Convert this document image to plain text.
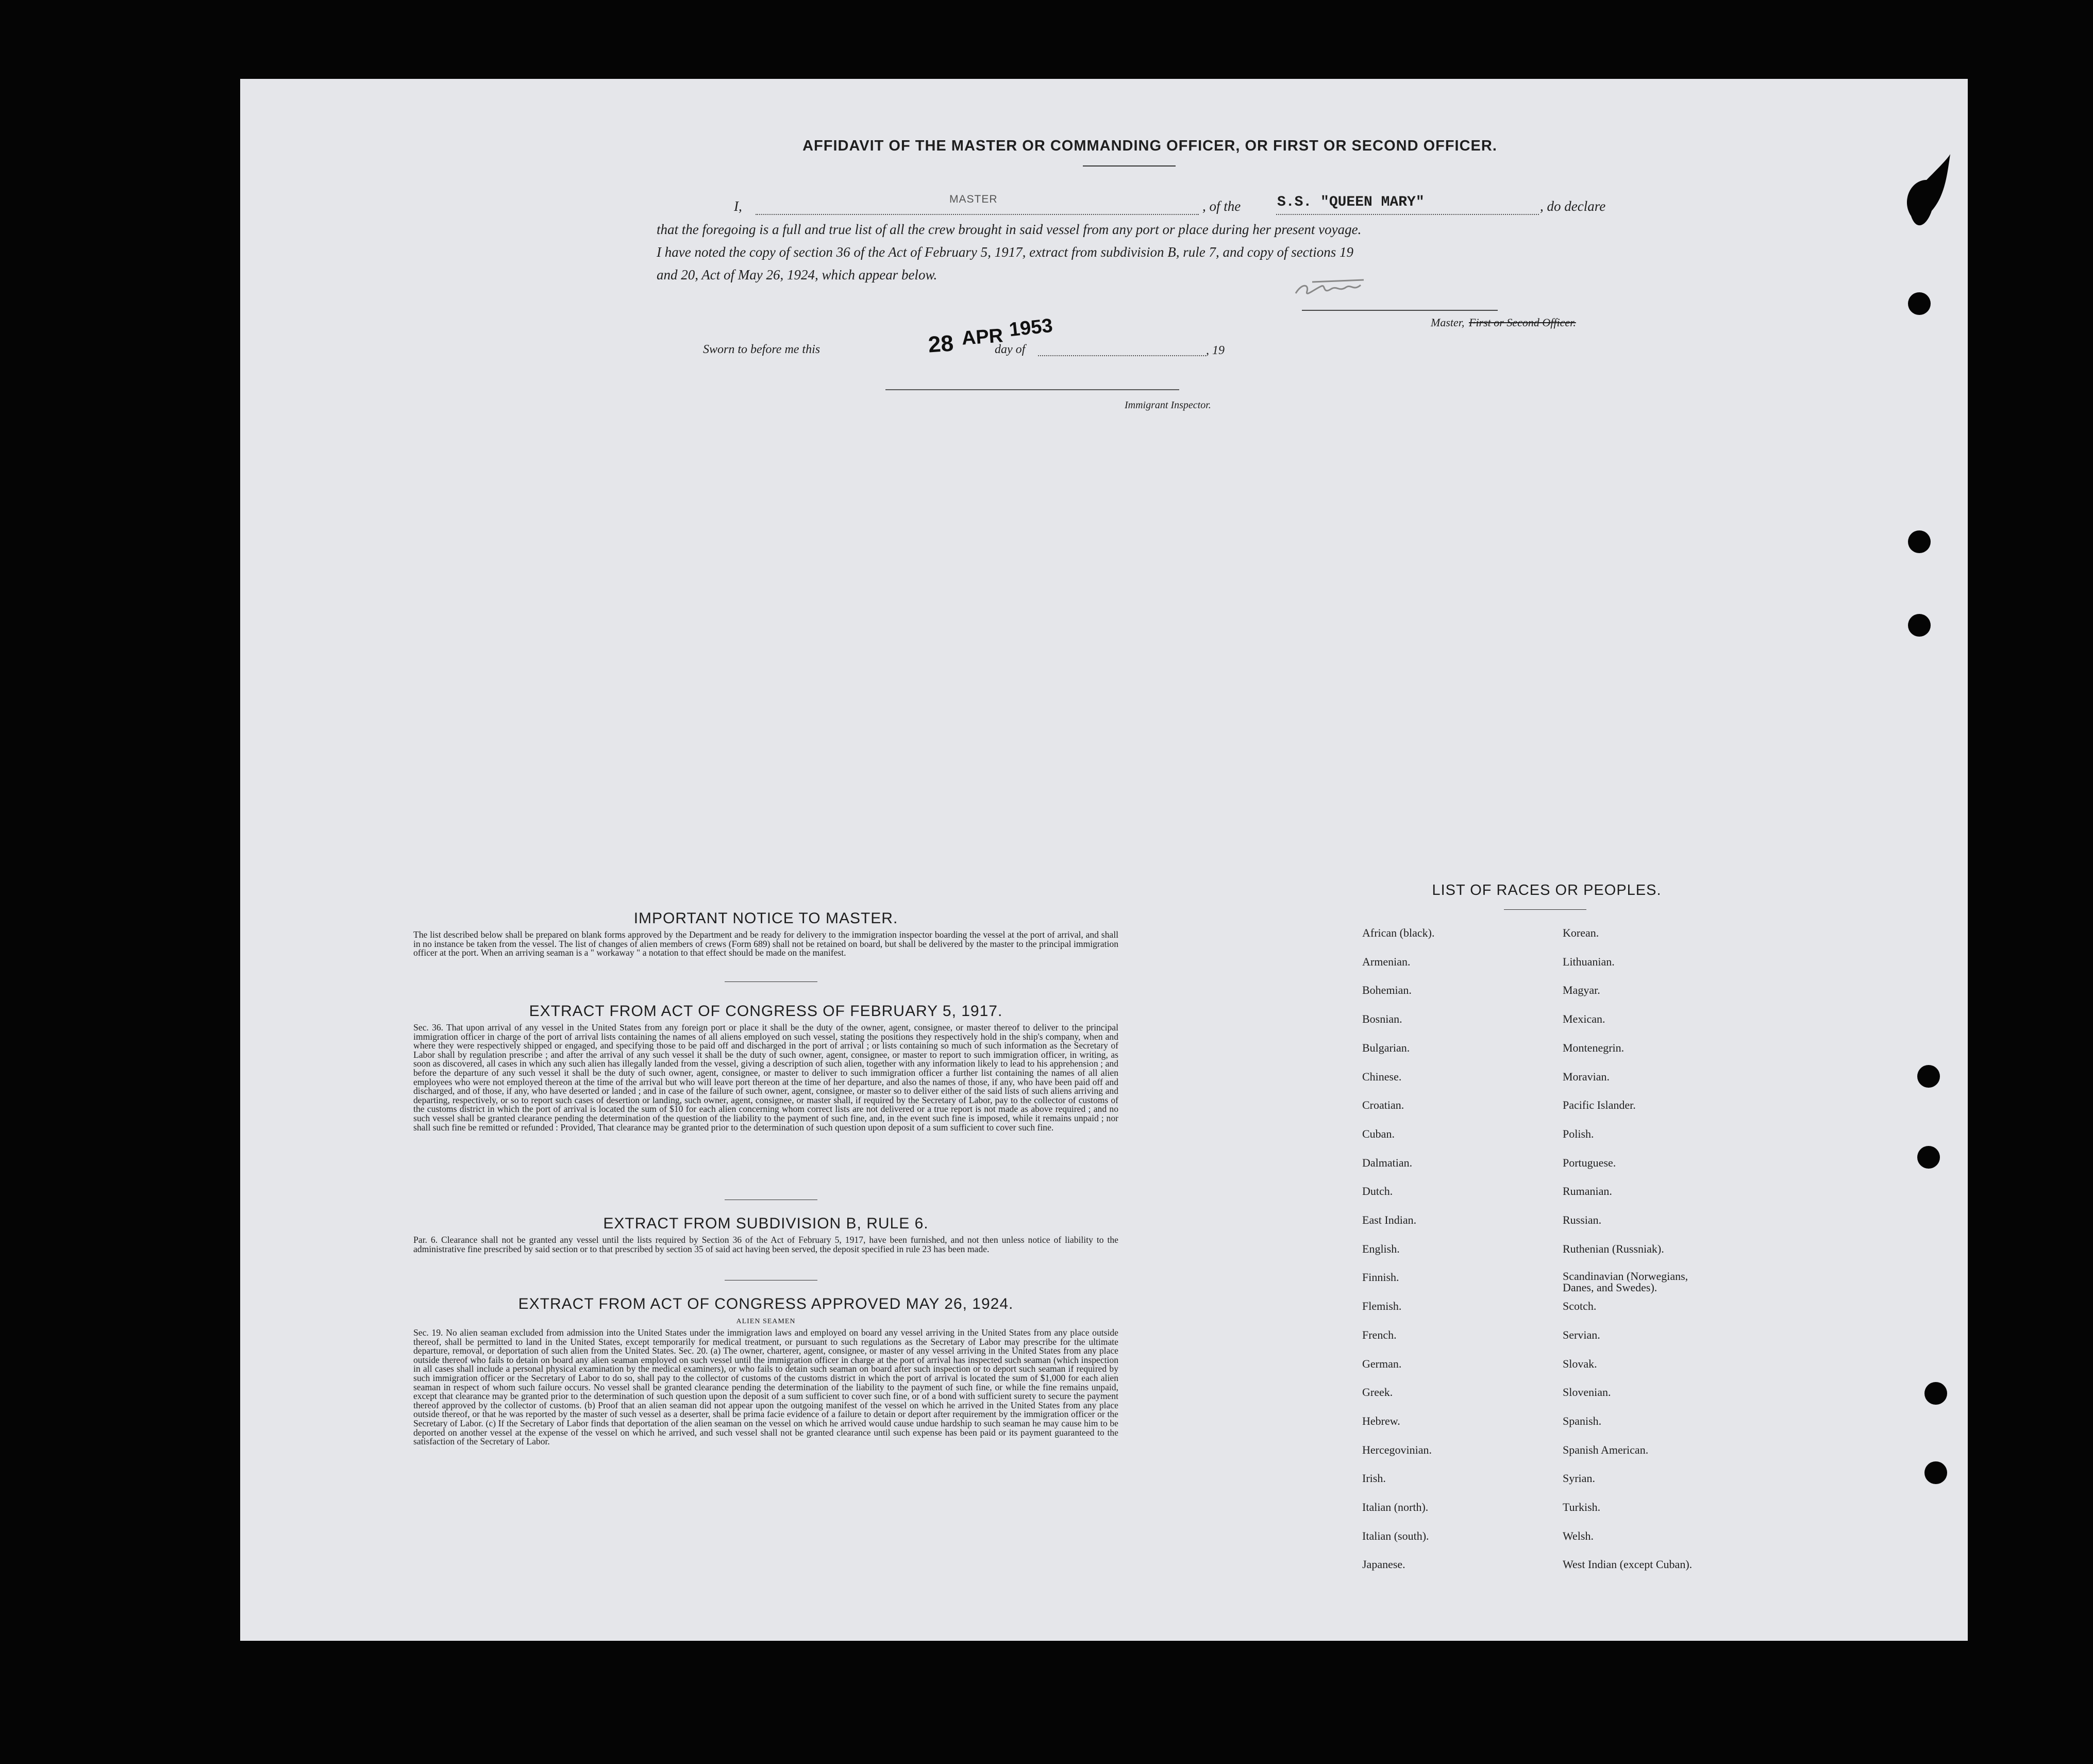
AFFIDAVIT OF THE MASTER OR COMMANDING OFFICER, OR FIRST OR SECOND OFFICER.
I,	MASTER	, of the	S.S. "QUEEN MARY"	, do declare
that the foregoing is a full and true list of all the crew brought in said vessel from any port or place during her present voyage.
I have noted the copy of section 36 of the Act of February 5, 1917, extract from subdivision B, rule 7, and copy of sections 19
and 20, Act of May 26, 1924, which appear below.
Master, First or Second Officer.
Sworn to before me this	28 APR 1953
day of	, 19
Immigrant Inspector.
IMPORTANT NOTICE TO MASTER.
The list described below shall be prepared on blank forms approved by the Department and be ready for delivery to the immigration inspector boarding the vessel at the port of arrival, and shall in no instance be taken from the vessel. The list of changes of alien members of crews (Form 689) shall not be retained on board, but shall be delivered by the master to the principal immigration officer at the port. When an arriving seaman is a " workaway " a notation to that effect should be made on the manifest.
EXTRACT FROM ACT OF CONGRESS OF FEBRUARY 5, 1917.
Sec. 36. That upon arrival of any vessel in the United States from any foreign port or place it shall be the duty of the owner, agent, consignee, or master thereof to deliver to the principal immigration officer in charge of the port of arrival lists containing the names of all aliens employed on such vessel, stating the positions they respectively hold in the ship's company, when and where they were respectively shipped or engaged, and specifying those to be paid off and discharged in the port of arrival ; or lists containing so much of such information as the Secretary of Labor shall by regulation prescribe ; and after the arrival of any such vessel it shall be the duty of such owner, agent, consignee, or master to report to such immigration officer, in writing, as soon as discovered, all cases in which any such alien has illegally landed from the vessel, giving a description of such alien, together with any information likely to lead to his apprehension ; and before the departure of any such vessel it shall be the duty of such owner, agent, consignee, or master to deliver to such immigration officer a further list containing the names of all alien employees who were not employed thereon at the time of the arrival but who will leave port thereon at the time of her departure, and also the names of those, if any, who have been paid off and discharged, and of those, if any, who have deserted or landed ; and in case of the failure of such owner, agent, consignee, or master so to deliver either of the said lists of such aliens arriving and departing, respectively, or so to report such cases of desertion or landing, such owner, agent, consignee, or master shall, if required by the Secretary of Labor, pay to the collector of customs of the customs district in which the port of arrival is located the sum of $10 for each alien concerning whom correct lists are not delivered or a true report is not made as above required ; and no such vessel shall be granted clearance pending the determination of the question of the liability to the payment of such fine, and, in the event such fine is imposed, while it remains unpaid ; nor shall such fine be remitted or refunded : Provided, That clearance may be granted prior to the determination of such question upon deposit of a sum sufficient to cover such fine.
EXTRACT FROM SUBDIVISION B, RULE 6.
Par. 6. Clearance shall not be granted any vessel until the lists required by Section 36 of the Act of February 5, 1917, have been furnished, and not then unless notice of liability to the administrative fine prescribed by said section or to that prescribed by section 35 of said act having been served, the deposit specified in rule 23 has been made.
EXTRACT FROM ACT OF CONGRESS APPROVED MAY 26, 1924.
ALIEN SEAMEN
Sec. 19. No alien seaman excluded from admission into the United States under the immigration laws and employed on board any vessel arriving in the United States from any place outside thereof, shall be permitted to land in the United States, except temporarily for medical treatment, or pursuant to such regulations as the Secretary of Labor may prescribe for the ultimate departure, removal, or deportation of such alien from the United States. Sec. 20. (a) The owner, charterer, agent, consignee, or master of any vessel arriving in the United States from any place outside thereof who fails to detain on board any alien seaman employed on such vessel until the immigration officer in charge at the port of arrival has inspected such seaman (which inspection in all cases shall include a personal physical examination by the medical examiners), or who fails to detain such seaman on board after such inspection or to deport such seaman if required by such immigration officer or the Secretary of Labor to do so, shall pay to the collector of customs of the customs district in which the port of arrival is located the sum of $1,000 for each alien seaman in respect of whom such failure occurs. No vessel shall be granted clearance pending the determination of the liability to the payment of such fine, or while the fine remains unpaid, except that clearance may be granted prior to the determination of such question upon the deposit of a sum sufficient to cover such fine, or of a bond with sufficient surety to secure the payment thereof approved by the collector of customs. (b) Proof that an alien seaman did not appear upon the outgoing manifest of the vessel on which he arrived in the United States from any place outside thereof, or that he was reported by the master of such vessel as a deserter, shall be prima facie evidence of a failure to detain or deport after requirement by the immigration officer or the Secretary of Labor. (c) If the Secretary of Labor finds that deportation of the alien seaman on the vessel on which he arrived would cause undue hardship to such seaman he may cause him to be deported on another vessel at the expense of the vessel on which he arrived, and such vessel shall not be granted clearance until such expense has been paid or its payment guaranteed to the satisfaction of the Secretary of Labor.
LIST OF RACES OR PEOPLES.
African (black).
Armenian.
Bohemian.
Bosnian.
Bulgarian.
Chinese.
Croatian.
Cuban.
Dalmatian.
Dutch.
East Indian.
English.
Finnish.
Flemish.
French.
German.
Greek.
Hebrew.
Hercegovinian.
Irish.
Italian (north).
Italian (south).
Japanese.
Korean.
Lithuanian.
Magyar.
Mexican.
Montenegrin.
Moravian.
Pacific Islander.
Polish.
Portuguese.
Rumanian.
Russian.
Ruthenian (Russniak).
Scandinavian (Norwegians, Danes, and Swedes).
Scotch.
Servian.
Slovak.
Slovenian.
Spanish.
Spanish American.
Syrian.
Turkish.
Welsh.
West Indian (except Cuban).
